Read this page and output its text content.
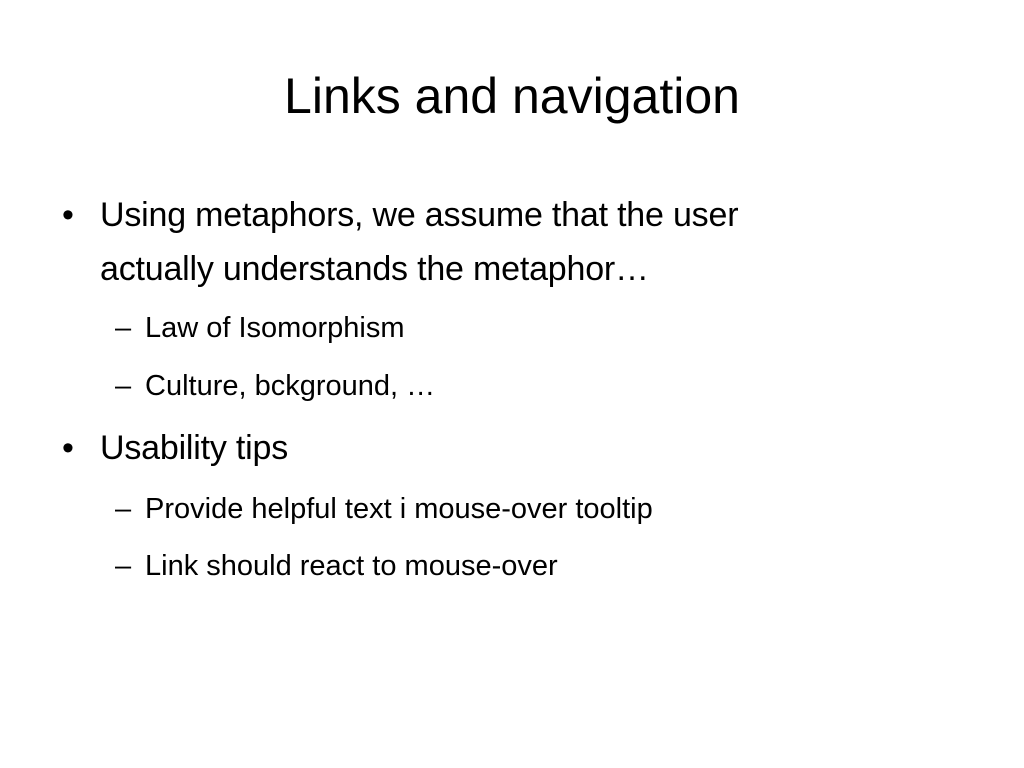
Links and navigation
• Using metaphors, we assume that the user
actually understands the metaphor…
– Law of Isomorphism
– Culture, bckground, …
• Usability tips
– Provide helpful text i mouse-over tooltip
– Link should react to mouse-over
